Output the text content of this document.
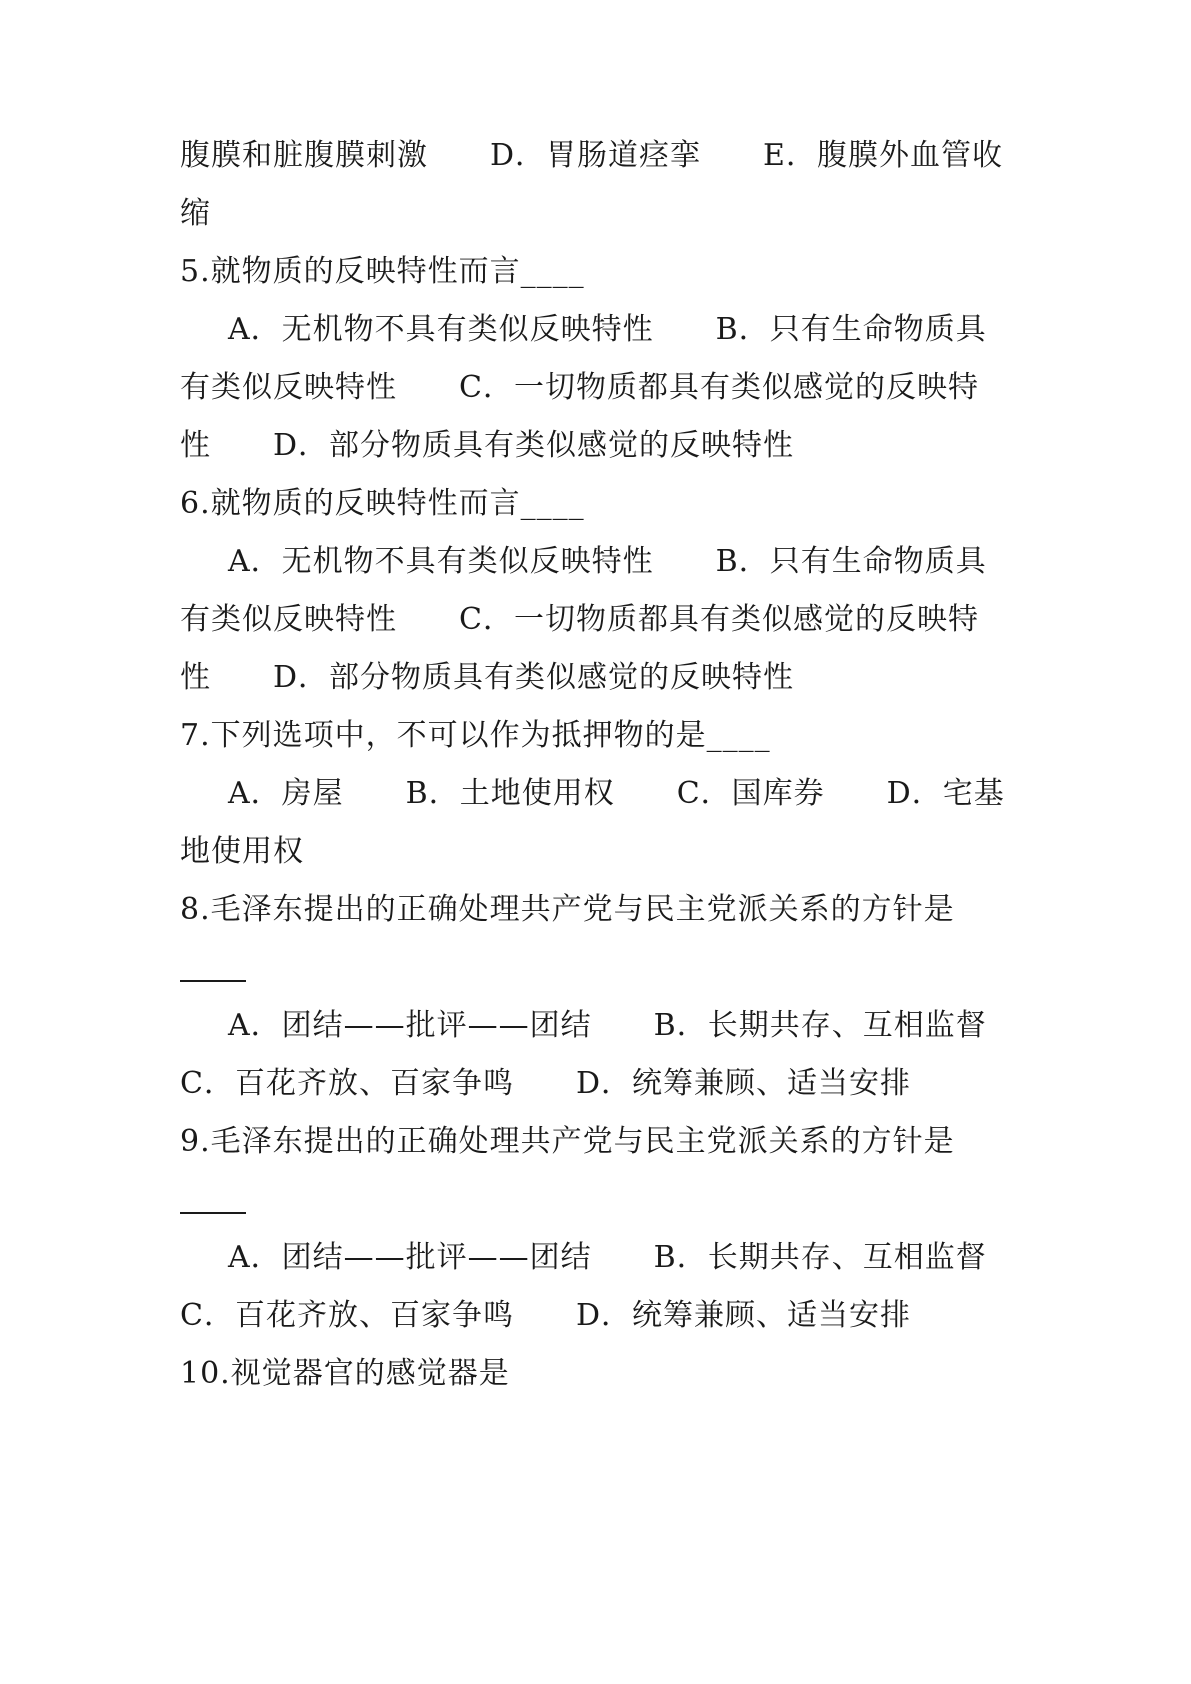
腹膜和脏腹膜刺激　　D．胃肠道痉挛　　E．腹膜外血管收
缩
5.就物质的反映特性而言____
A．无机物不具有类似反映特性　　B．只有生命物质具
有类似反映特性　　C．一切物质都具有类似感觉的反映特
性　　D．部分物质具有类似感觉的反映特性
6.就物质的反映特性而言____
A．无机物不具有类似反映特性　　B．只有生命物质具
有类似反映特性　　C．一切物质都具有类似感觉的反映特
性　　D．部分物质具有类似感觉的反映特性
7.下列选项中，不可以作为抵押物的是____
A．房屋　　B．土地使用权　　C．国库券　　D．宅基
地使用权
8.毛泽东提出的正确处理共产党与民主党派关系的方针是
A．团结——批评——团结　　B．长期共存、互相监督
C．百花齐放、百家争鸣　　D．统筹兼顾、适当安排
9.毛泽东提出的正确处理共产党与民主党派关系的方针是
A．团结——批评——团结　　B．长期共存、互相监督
C．百花齐放、百家争鸣　　D．统筹兼顾、适当安排
10.视觉器官的感觉器是
